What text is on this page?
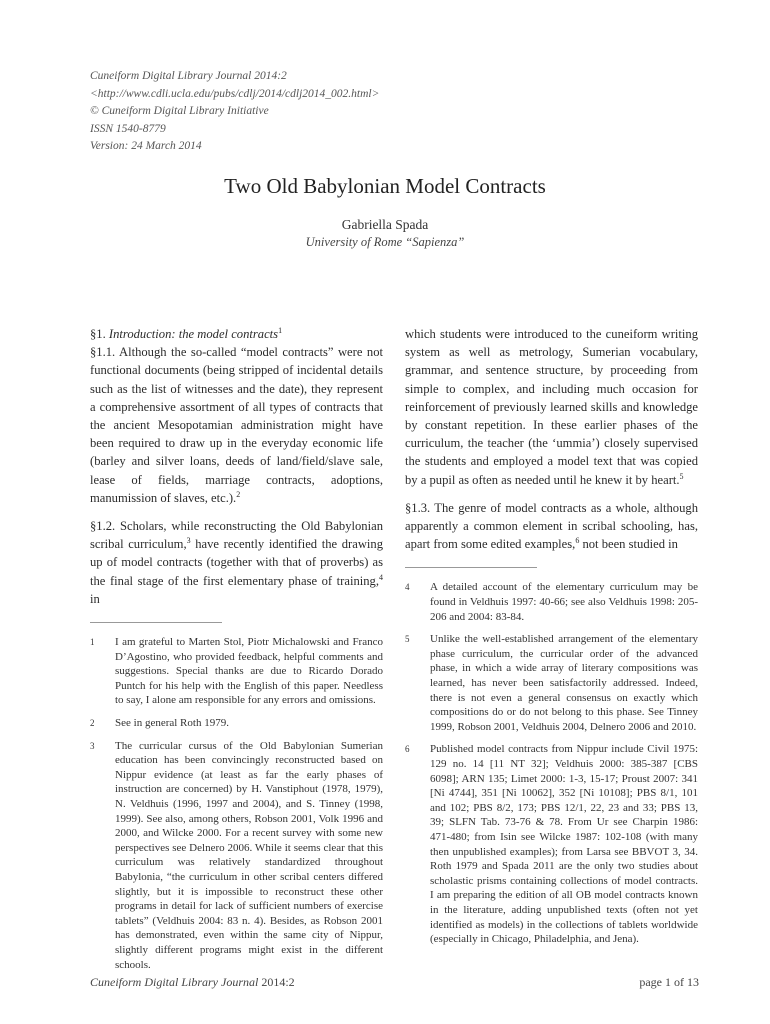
Cuneiform Digital Library Journal 2014:2
<http://www.cdli.ucla.edu/pubs/cdlj/2014/cdlj2014_002.html>
© Cuneiform Digital Library Initiative
ISSN 1540-8779
Version: 24 March 2014
Two Old Babylonian Model Contracts
Gabriella Spada
University of Rome “Sapienza”

§1. Introduction: the model contracts$^1$

§1.1. Although the so-called “model contracts” were not functional documents (being stripped of incidental details such as the list of witnesses and the date), they represent a comprehensive assortment of all types of contracts that the ancient Mesopotamian administration might have been required to draw up in the everyday economic life (barley and silver loans, deeds of land/field/slave sale, lease of fields, marriage contracts, adoptions, manumission of slaves, etc.).$^2$

§1.2. Scholars, while reconstructing the Old Babylonian scribal curriculum,$^3$ have recently identified the drawing up of model contracts (together with that of proverbs) as the final stage of the first elementary phase of training,$^4$ in

1	I am grateful to Marten Stol, Piotr Michalowski and Franco D’Agostino, who provided feedback, helpful comments and suggestions. Special thanks are due to Ricardo Dorado Puntch for his help with the English of this paper. Needless to say, I alone am responsible for any errors and omissions.
2	See in general Roth 1979.
3	The curricular cursus of the Old Babylonian Sumerian education has been convincingly reconstructed based on Nippur evidence (at least as far the early phases of instruction are concerned) by H. Vanstiphout (1978, 1979), N. Veldhuis (1996, 1997 and 2004), and S. Tinney (1998, 1999). See also, among others, Robson 2001, Volk 1996 and 2000, and Wilcke 2000. For a recent survey with some new perspectives see Delnero 2006. While it seems clear that this curriculum was relatively standardized throughout Babylonia, “the curriculum in other scribal centers differed slightly, but it is impossible to reconstruct these other programs in detail for lack of sufficient numbers of exercise tablets” (Veldhuis 2004: 83 n. 4). Besides, as Robson 2001 has demonstrated, even within the same city of Nippur, slightly different programs might exist in the different schools.

which students were introduced to the cuneiform writing system as well as metrology, Sumerian vocabulary, grammar, and sentence structure, by proceeding from simple to complex, and including much occasion for reinforcement of previously learned skills and knowledge by constant repetition. In these earlier phases of the curriculum, the teacher (the ‘ummia’) closely supervised the students and employed a model text that was copied by a pupil as often as needed until he knew it by heart.$^5$

§1.3. The genre of model contracts as a whole, although apparently a common element in scribal schooling, has, apart from some edited examples,$^6$ not been studied in

4	A detailed account of the elementary curriculum may be found in Veldhuis 1997: 40-66; see also Veldhuis 1998: 205-206 and 2004: 83-84.
5	Unlike the well-established arrangement of the elementary phase curriculum, the curricular order of the advanced phase, in which a wide array of literary compositions was learned, has never been satisfactorily addressed. Indeed, there is not even a general consensus on exactly which compositions do or do not belong to this phase. See Tinney 1999, Robson 2001, Veldhuis 2004, Delnero 2006 and 2010.
6	Published model contracts from Nippur include Civil 1975: 129 no. 14 [11 NT 32]; Veldhuis 2000: 385-387 [CBS 6098]; ARN 135; Limet 2000: 1-3, 15-17; Proust 2007: 341 [Ni 4744], 351 [Ni 10062], 352 [Ni 10108]; PBS 8/1, 101 and 102; PBS 8/2, 173; PBS 12/1, 22, 23 and 33; PBS 13, 39; SLFN Tab. 73-76 & 78. From Ur see Charpin 1986: 471-480; from Isin see Wilcke 1987: 102-108 (with many then unpublished examples); from Larsa see BBVOT 3, 34. Roth 1979 and Spada 2011 are the only two studies about scholastic prisms containing collections of model contracts. I am preparing the edition of all OB model contracts known in the literature, adding unpublished texts (often not yet identified as models) in the collections of tablets worldwide (especially in Chicago, Philadelphia, and Jena).
Cuneiform Digital Library Journal 2014:2	page 1 of 13
